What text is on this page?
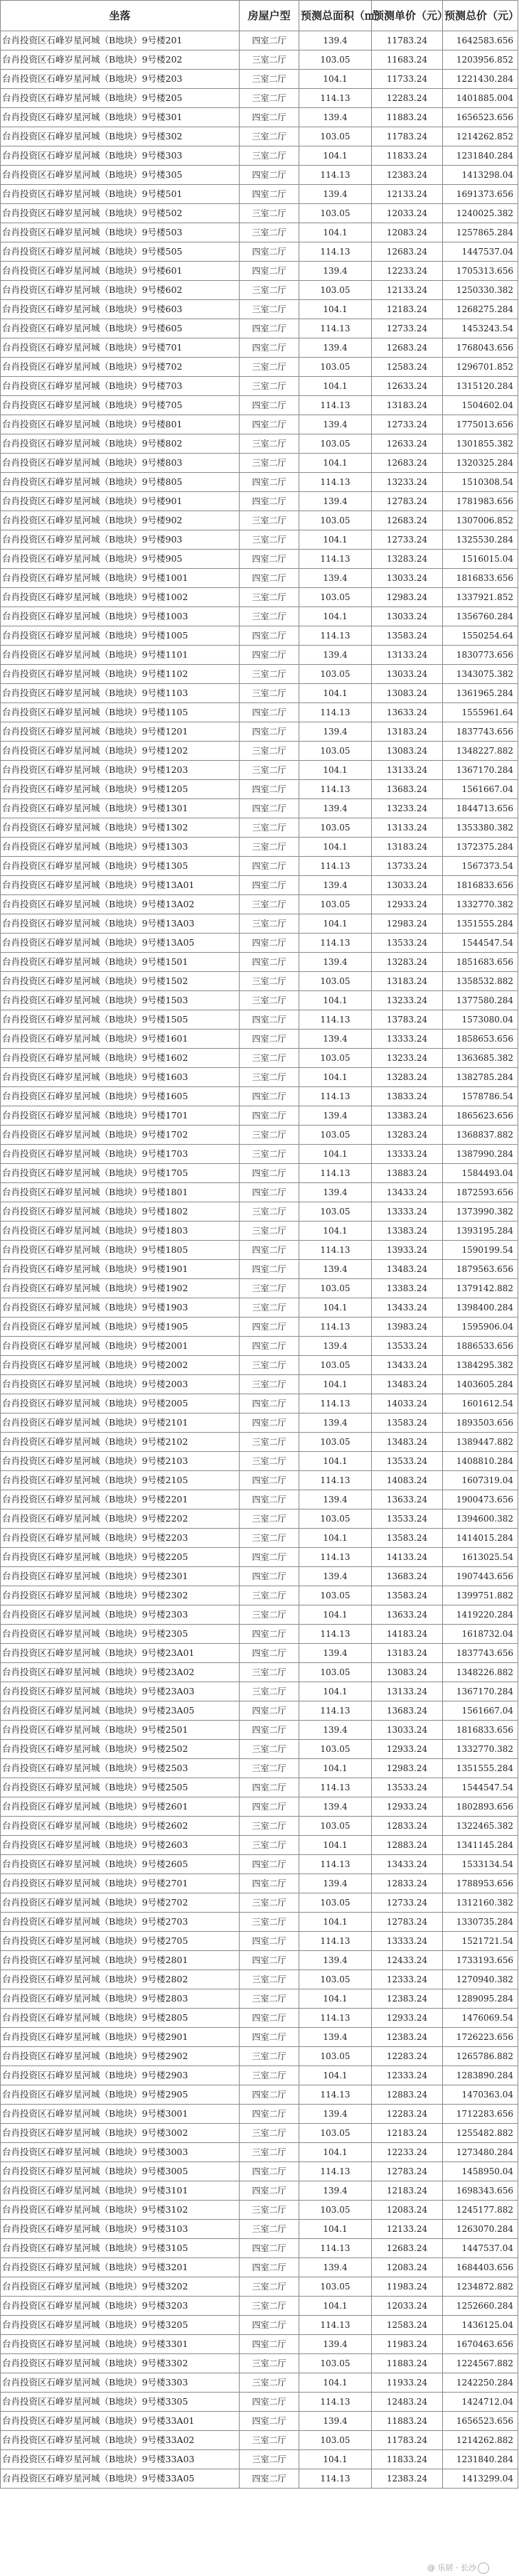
坐落	房屋户型	预测总面积（㎡）	预测单价（元）	预测总价（元）
台肖投资区石峰岁星河城（B地块）9号楼201	四室二厅	139.4	11783.24	1642583.656
台肖投资区石峰岁星河城（B地块）9号楼202	三室二厅	103.05	11683.24	1203956.852
台肖投资区石峰岁星河城（B地块）9号楼203	三室二厅	104.1	11733.24	1221430.284
台肖投资区石峰岁星河城（B地块）9号楼205	三室二厅	114.13	12283.24	1401885.004
台肖投资区石峰岁星河城（B地块）9号楼301	四室二厅	139.4	11883.24	1656523.656
台肖投资区石峰岁星河城（B地块）9号楼302	三室二厅	103.05	11783.24	1214262.852
台肖投资区石峰岁星河城（B地块）9号楼303	三室二厅	104.1	11833.24	1231840.284
台肖投资区石峰岁星河城（B地块）9号楼305	四室二厅	114.13	12383.24	1413298.04
台肖投资区石峰岁星河城（B地块）9号楼501	四室二厅	139.4	12133.24	1691373.656
台肖投资区石峰岁星河城（B地块）9号楼502	三室二厅	103.05	12033.24	1240025.382
台肖投资区石峰岁星河城（B地块）9号楼503	三室二厅	104.1	12083.24	1257865.284
台肖投资区石峰岁星河城（B地块）9号楼505	四室二厅	114.13	12683.24	1447537.04
台肖投资区石峰岁星河城（B地块）9号楼601	四室二厅	139.4	12233.24	1705313.656
台肖投资区石峰岁星河城（B地块）9号楼602	三室二厅	103.05	12133.24	1250330.382
台肖投资区石峰岁星河城（B地块）9号楼603	三室二厅	104.1	12183.24	1268275.284
台肖投资区石峰岁星河城（B地块）9号楼605	四室二厅	114.13	12733.24	1453243.54
台肖投资区石峰岁星河城（B地块）9号楼701	四室二厅	139.4	12683.24	1768043.656
台肖投资区石峰岁星河城（B地块）9号楼702	三室二厅	103.05	12583.24	1296701.852
台肖投资区石峰岁星河城（B地块）9号楼703	三室二厅	104.1	12633.24	1315120.284
台肖投资区石峰岁星河城（B地块）9号楼705	四室二厅	114.13	13183.24	1504602.04
台肖投资区石峰岁星河城（B地块）9号楼801	四室二厅	139.4	12733.24	1775013.656
台肖投资区石峰岁星河城（B地块）9号楼802	三室二厅	103.05	12633.24	1301855.382
台肖投资区石峰岁星河城（B地块）9号楼803	三室二厅	104.1	12683.24	1320325.284
台肖投资区石峰岁星河城（B地块）9号楼805	四室二厅	114.13	13233.24	1510308.54
台肖投资区石峰岁星河城（B地块）9号楼901	四室二厅	139.4	12783.24	1781983.656
台肖投资区石峰岁星河城（B地块）9号楼902	三室二厅	103.05	12683.24	1307006.852
台肖投资区石峰岁星河城（B地块）9号楼903	三室二厅	104.1	12733.24	1325530.284
台肖投资区石峰岁星河城（B地块）9号楼905	四室二厅	114.13	13283.24	1516015.04
台肖投资区石峰岁星河城（B地块）9号楼1001	四室二厅	139.4	13033.24	1816833.656
台肖投资区石峰岁星河城（B地块）9号楼1002	三室二厅	103.05	12983.24	1337921.852
台肖投资区石峰岁星河城（B地块）9号楼1003	三室二厅	104.1	13033.24	1356760.284
台肖投资区石峰岁星河城（B地块）9号楼1005	四室二厅	114.13	13583.24	1550254.64
台肖投资区石峰岁星河城（B地块）9号楼1101	四室二厅	139.4	13133.24	1830773.656
台肖投资区石峰岁星河城（B地块）9号楼1102	三室二厅	103.05	13033.24	1343075.382
台肖投资区石峰岁星河城（B地块）9号楼1103	三室二厅	104.1	13083.24	1361965.284
台肖投资区石峰岁星河城（B地块）9号楼1105	四室二厅	114.13	13633.24	1555961.64
台肖投资区石峰岁星河城（B地块）9号楼1201	四室二厅	139.4	13183.24	1837743.656
台肖投资区石峰岁星河城（B地块）9号楼1202	三室二厅	103.05	13083.24	1348227.882
台肖投资区石峰岁星河城（B地块）9号楼1203	三室二厅	104.1	13133.24	1367170.284
台肖投资区石峰岁星河城（B地块）9号楼1205	四室二厅	114.13	13683.24	1561667.04
台肖投资区石峰岁星河城（B地块）9号楼1301	四室二厅	139.4	13233.24	1844713.656
台肖投资区石峰岁星河城（B地块）9号楼1302	三室二厅	103.05	13133.24	1353380.382
台肖投资区石峰岁星河城（B地块）9号楼1303	三室二厅	104.1	13183.24	1372375.284
台肖投资区石峰岁星河城（B地块）9号楼1305	四室二厅	114.13	13733.24	1567373.54
台肖投资区石峰岁星河城（B地块）9号楼13A01	四室二厅	139.4	13033.24	1816833.656
台肖投资区石峰岁星河城（B地块）9号楼13A02	三室二厅	103.05	12933.24	1332770.382
台肖投资区石峰岁星河城（B地块）9号楼13A03	三室二厅	104.1	12983.24	1351555.284
台肖投资区石峰岁星河城（B地块）9号楼13A05	四室二厅	114.13	13533.24	1544547.54
台肖投资区石峰岁星河城（B地块）9号楼1501	四室二厅	139.4	13283.24	1851683.656
台肖投资区石峰岁星河城（B地块）9号楼1502	三室二厅	103.05	13183.24	1358532.882
台肖投资区石峰岁星河城（B地块）9号楼1503	三室二厅	104.1	13233.24	1377580.284
台肖投资区石峰岁星河城（B地块）9号楼1505	四室二厅	114.13	13783.24	1573080.04
台肖投资区石峰岁星河城（B地块）9号楼1601	四室二厅	139.4	13333.24	1858653.656
台肖投资区石峰岁星河城（B地块）9号楼1602	三室二厅	103.05	13233.24	1363685.382
台肖投资区石峰岁星河城（B地块）9号楼1603	三室二厅	104.1	13283.24	1382785.284
台肖投资区石峰岁星河城（B地块）9号楼1605	四室二厅	114.13	13833.24	1578786.54
台肖投资区石峰岁星河城（B地块）9号楼1701	四室二厅	139.4	13383.24	1865623.656
台肖投资区石峰岁星河城（B地块）9号楼1702	三室二厅	103.05	13283.24	1368837.882
台肖投资区石峰岁星河城（B地块）9号楼1703	三室二厅	104.1	13333.24	1387990.284
台肖投资区石峰岁星河城（B地块）9号楼1705	四室二厅	114.13	13883.24	1584493.04
台肖投资区石峰岁星河城（B地块）9号楼1801	四室二厅	139.4	13433.24	1872593.656
台肖投资区石峰岁星河城（B地块）9号楼1802	三室二厅	103.05	13333.24	1373990.382
台肖投资区石峰岁星河城（B地块）9号楼1803	三室二厅	104.1	13383.24	1393195.284
台肖投资区石峰岁星河城（B地块）9号楼1805	四室二厅	114.13	13933.24	1590199.54
台肖投资区石峰岁星河城（B地块）9号楼1901	四室二厅	139.4	13483.24	1879563.656
台肖投资区石峰岁星河城（B地块）9号楼1902	三室二厅	103.05	13383.24	1379142.882
台肖投资区石峰岁星河城（B地块）9号楼1903	三室二厅	104.1	13433.24	1398400.284
台肖投资区石峰岁星河城（B地块）9号楼1905	四室二厅	114.13	13983.24	1595906.04
台肖投资区石峰岁星河城（B地块）9号楼2001	四室二厅	139.4	13533.24	1886533.656
台肖投资区石峰岁星河城（B地块）9号楼2002	三室二厅	103.05	13433.24	1384295.382
台肖投资区石峰岁星河城（B地块）9号楼2003	三室二厅	104.1	13483.24	1403605.284
台肖投资区石峰岁星河城（B地块）9号楼2005	四室二厅	114.13	14033.24	1601612.54
台肖投资区石峰岁星河城（B地块）9号楼2101	四室二厅	139.4	13583.24	1893503.656
台肖投资区石峰岁星河城（B地块）9号楼2102	三室二厅	103.05	13483.24	1389447.882
台肖投资区石峰岁星河城（B地块）9号楼2103	三室二厅	104.1	13533.24	1408810.284
台肖投资区石峰岁星河城（B地块）9号楼2105	四室二厅	114.13	14083.24	1607319.04
台肖投资区石峰岁星河城（B地块）9号楼2201	四室二厅	139.4	13633.24	1900473.656
台肖投资区石峰岁星河城（B地块）9号楼2202	三室二厅	103.05	13533.24	1394600.382
台肖投资区石峰岁星河城（B地块）9号楼2203	三室二厅	104.1	13583.24	1414015.284
台肖投资区石峰岁星河城（B地块）9号楼2205	四室二厅	114.13	14133.24	1613025.54
台肖投资区石峰岁星河城（B地块）9号楼2301	四室二厅	139.4	13683.24	1907443.656
台肖投资区石峰岁星河城（B地块）9号楼2302	三室二厅	103.05	13583.24	1399751.882
台肖投资区石峰岁星河城（B地块）9号楼2303	三室二厅	104.1	13633.24	1419220.284
台肖投资区石峰岁星河城（B地块）9号楼2305	四室二厅	114.13	14183.24	1618732.04
台肖投资区石峰岁星河城（B地块）9号楼23A01	四室二厅	139.4	13183.24	1837743.656
台肖投资区石峰岁星河城（B地块）9号楼23A02	三室二厅	103.05	13083.24	1348226.882
台肖投资区石峰岁星河城（B地块）9号楼23A03	三室二厅	104.1	13133.24	1367170.284
台肖投资区石峰岁星河城（B地块）9号楼23A05	四室二厅	114.13	13683.24	1561667.04
台肖投资区石峰岁星河城（B地块）9号楼2501	四室二厅	139.4	13033.24	1816833.656
台肖投资区石峰岁星河城（B地块）9号楼2502	三室二厅	103.05	12933.24	1332770.382
台肖投资区石峰岁星河城（B地块）9号楼2503	三室二厅	104.1	12983.24	1351555.284
台肖投资区石峰岁星河城（B地块）9号楼2505	四室二厅	114.13	13533.24	1544547.54
台肖投资区石峰岁星河城（B地块）9号楼2601	四室二厅	139.4	12933.24	1802893.656
台肖投资区石峰岁星河城（B地块）9号楼2602	三室二厅	103.05	12833.24	1322465.382
台肖投资区石峰岁星河城（B地块）9号楼2603	三室二厅	104.1	12883.24	1341145.284
台肖投资区石峰岁星河城（B地块）9号楼2605	四室二厅	114.13	13433.24	1533134.54
台肖投资区石峰岁星河城（B地块）9号楼2701	四室二厅	139.4	12833.24	1788953.656
台肖投资区石峰岁星河城（B地块）9号楼2702	三室二厅	103.05	12733.24	1312160.382
台肖投资区石峰岁星河城（B地块）9号楼2703	三室二厅	104.1	12783.24	1330735.284
台肖投资区石峰岁星河城（B地块）9号楼2705	四室二厅	114.13	13333.24	1521721.54
台肖投资区石峰岁星河城（B地块）9号楼2801	四室二厅	139.4	12433.24	1733193.656
台肖投资区石峰岁星河城（B地块）9号楼2802	三室二厅	103.05	12333.24	1270940.382
台肖投资区石峰岁星河城（B地块）9号楼2803	三室二厅	104.1	12383.24	1289095.284
台肖投资区石峰岁星河城（B地块）9号楼2805	四室二厅	114.13	12933.24	1476069.54
台肖投资区石峰岁星河城（B地块）9号楼2901	四室二厅	139.4	12383.24	1726223.656
台肖投资区石峰岁星河城（B地块）9号楼2902	三室二厅	103.05	12283.24	1265786.882
台肖投资区石峰岁星河城（B地块）9号楼2903	三室二厅	104.1	12333.24	1283890.284
台肖投资区石峰岁星河城（B地块）9号楼2905	四室二厅	114.13	12883.24	1470363.04
台肖投资区石峰岁星河城（B地块）9号楼3001	四室二厅	139.4	12283.24	1712283.656
台肖投资区石峰岁星河城（B地块）9号楼3002	三室二厅	103.05	12183.24	1255482.882
台肖投资区石峰岁星河城（B地块）9号楼3003	三室二厅	104.1	12233.24	1273480.284
台肖投资区石峰岁星河城（B地块）9号楼3005	四室二厅	114.13	12783.24	1458950.04
台肖投资区石峰岁星河城（B地块）9号楼3101	四室二厅	139.4	12183.24	1698343.656
台肖投资区石峰岁星河城（B地块）9号楼3102	三室二厅	103.05	12083.24	1245177.882
台肖投资区石峰岁星河城（B地块）9号楼3103	三室二厅	104.1	12133.24	1263070.284
台肖投资区石峰岁星河城（B地块）9号楼3105	四室二厅	114.13	12683.24	1447537.04
台肖投资区石峰岁星河城（B地块）9号楼3201	四室二厅	139.4	12083.24	1684403.656
台肖投资区石峰岁星河城（B地块）9号楼3202	三室二厅	103.05	11983.24	1234872.882
台肖投资区石峰岁星河城（B地块）9号楼3203	三室二厅	104.1	12033.24	1252660.284
台肖投资区石峰岁星河城（B地块）9号楼3205	四室二厅	114.13	12583.24	1436125.04
台肖投资区石峰岁星河城（B地块）9号楼3301	四室二厅	139.4	11983.24	1670463.656
台肖投资区石峰岁星河城（B地块）9号楼3302	三室二厅	103.05	11883.24	1224567.882
台肖投资区石峰岁星河城（B地块）9号楼3303	三室二厅	104.1	11933.24	1242250.284
台肖投资区石峰岁星河城（B地块）9号楼3305	四室二厅	114.13	12483.24	1424712.04
台肖投资区石峰岁星河城（B地块）9号楼33A01	四室二厅	139.4	11883.24	1656523.656
台肖投资区石峰岁星河城（B地块）9号楼33A02	三室二厅	103.05	11783.24	1214262.882
台肖投资区石峰岁星河城（B地块）9号楼33A03	三室二厅	104.1	11833.24	1231840.284
台肖投资区石峰岁星河城（B地块）9号楼33A05	四室二厅	114.13	12383.24	1413299.04
@ 乐居 · 长沙
